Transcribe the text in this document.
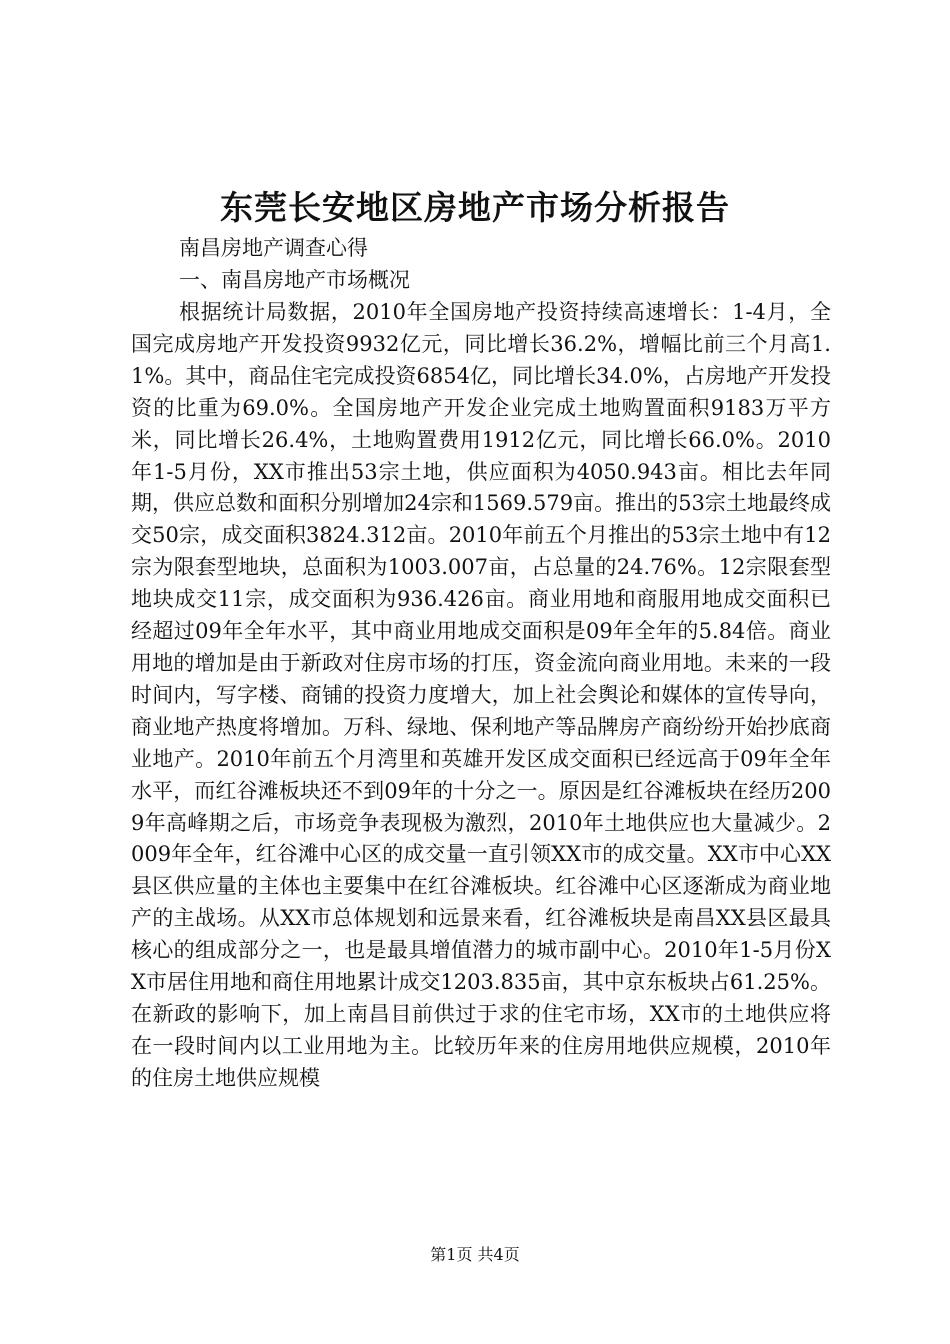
东莞长安地区房地产市场分析报告
南昌房地产调查心得
一、南昌房地产市场概况
根据统计局数据，2010年全国房地产投资持续高速增长：1-4月，全国完成房地产开发投资9932亿元，同比增长36.2%，增幅比前三个月高1.1%。其中，商品住宅完成投资6854亿，同比增长34.0%，占房地产开发投资的比重为69.0%。全国房地产开发企业完成土地购置面积9183万平方米，同比增长26.4%，土地购置费用1912亿元，同比增长66.0%。2010年1-5月份，XX市推出53宗土地，供应面积为4050.943亩。相比去年同期，供应总数和面积分别增加24宗和1569.579亩。推出的53宗土地最终成交50宗，成交面积3824.312亩。2010年前五个月推出的53宗土地中有12宗为限套型地块，总面积为1003.007亩，占总量的24.76%。12宗限套型地块成交11宗，成交面积为936.426亩。商业用地和商服用地成交面积已经超过09年全年水平，其中商业用地成交面积是09年全年的5.84倍。商业用地的增加是由于新政对住房市场的打压，资金流向商业用地。未来的一段时间内，写字楼、商铺的投资力度增大，加上社会舆论和媒体的宣传导向，商业地产热度将增加。万科、绿地、保利地产等品牌房产商纷纷开始抄底商业地产。2010年前五个月湾里和英雄开发区成交面积已经远高于09年全年水平，而红谷滩板块还不到09年的十分之一。原因是红谷滩板块在经历2009年高峰期之后，市场竞争表现极为激烈，2010年土地供应也大量减少。2009年全年，红谷滩中心区的成交量一直引领XX市的成交量。XX市中心XX县区供应量的主体也主要集中在红谷滩板块。红谷滩中心区逐渐成为商业地产的主战场。从XX市总体规划和远景来看，红谷滩板块是南昌XX县区最具核心的组成部分之一，也是最具增值潜力的城市副中心。2010年1-5月份XX市居住用地和商住用地累计成交1203.835亩，其中京东板块占61.25%。在新政的影响下，加上南昌目前供过于求的住宅市场，XX市的土地供应将在一段时间内以工业用地为主。比较历年来的住房用地供应规模，2010年的住房土地供应规模
第1页 共4页
